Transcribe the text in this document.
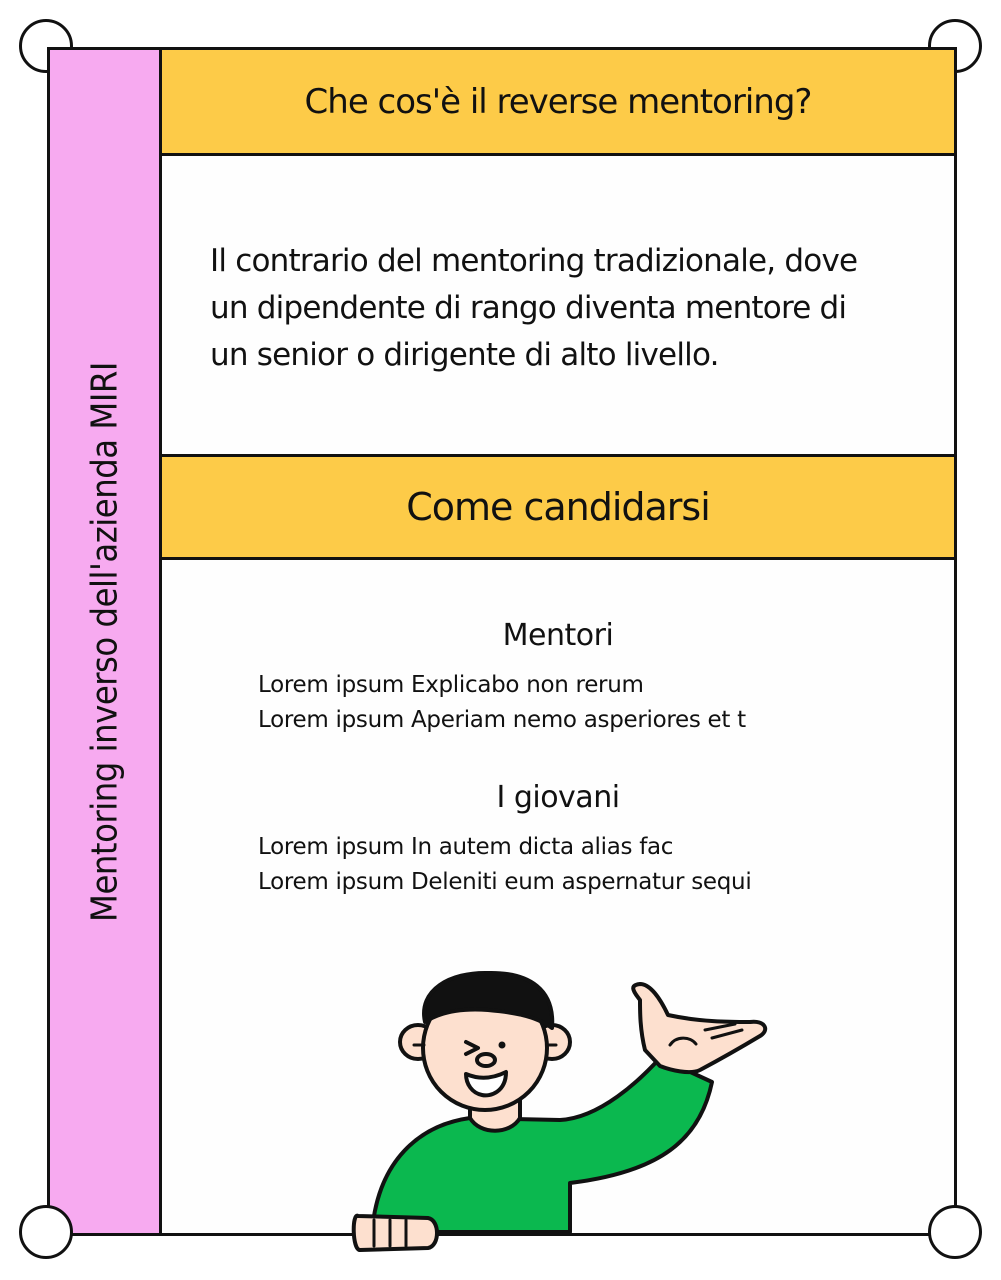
Mentoring inverso dell'azienda MIRI
Che cos'è il reverse mentoring?
Il contrario del mentoring tradizionale, dove
un dipendente di rango diventa mentore di
un senior o dirigente di alto livello.
Come candidarsi
Mentori
Lorem ipsum Explicabo non rerum
Lorem ipsum Aperiam nemo asperiores et t
I giovani
Lorem ipsum In autem dicta alias fac
Lorem ipsum Deleniti eum aspernatur sequi
